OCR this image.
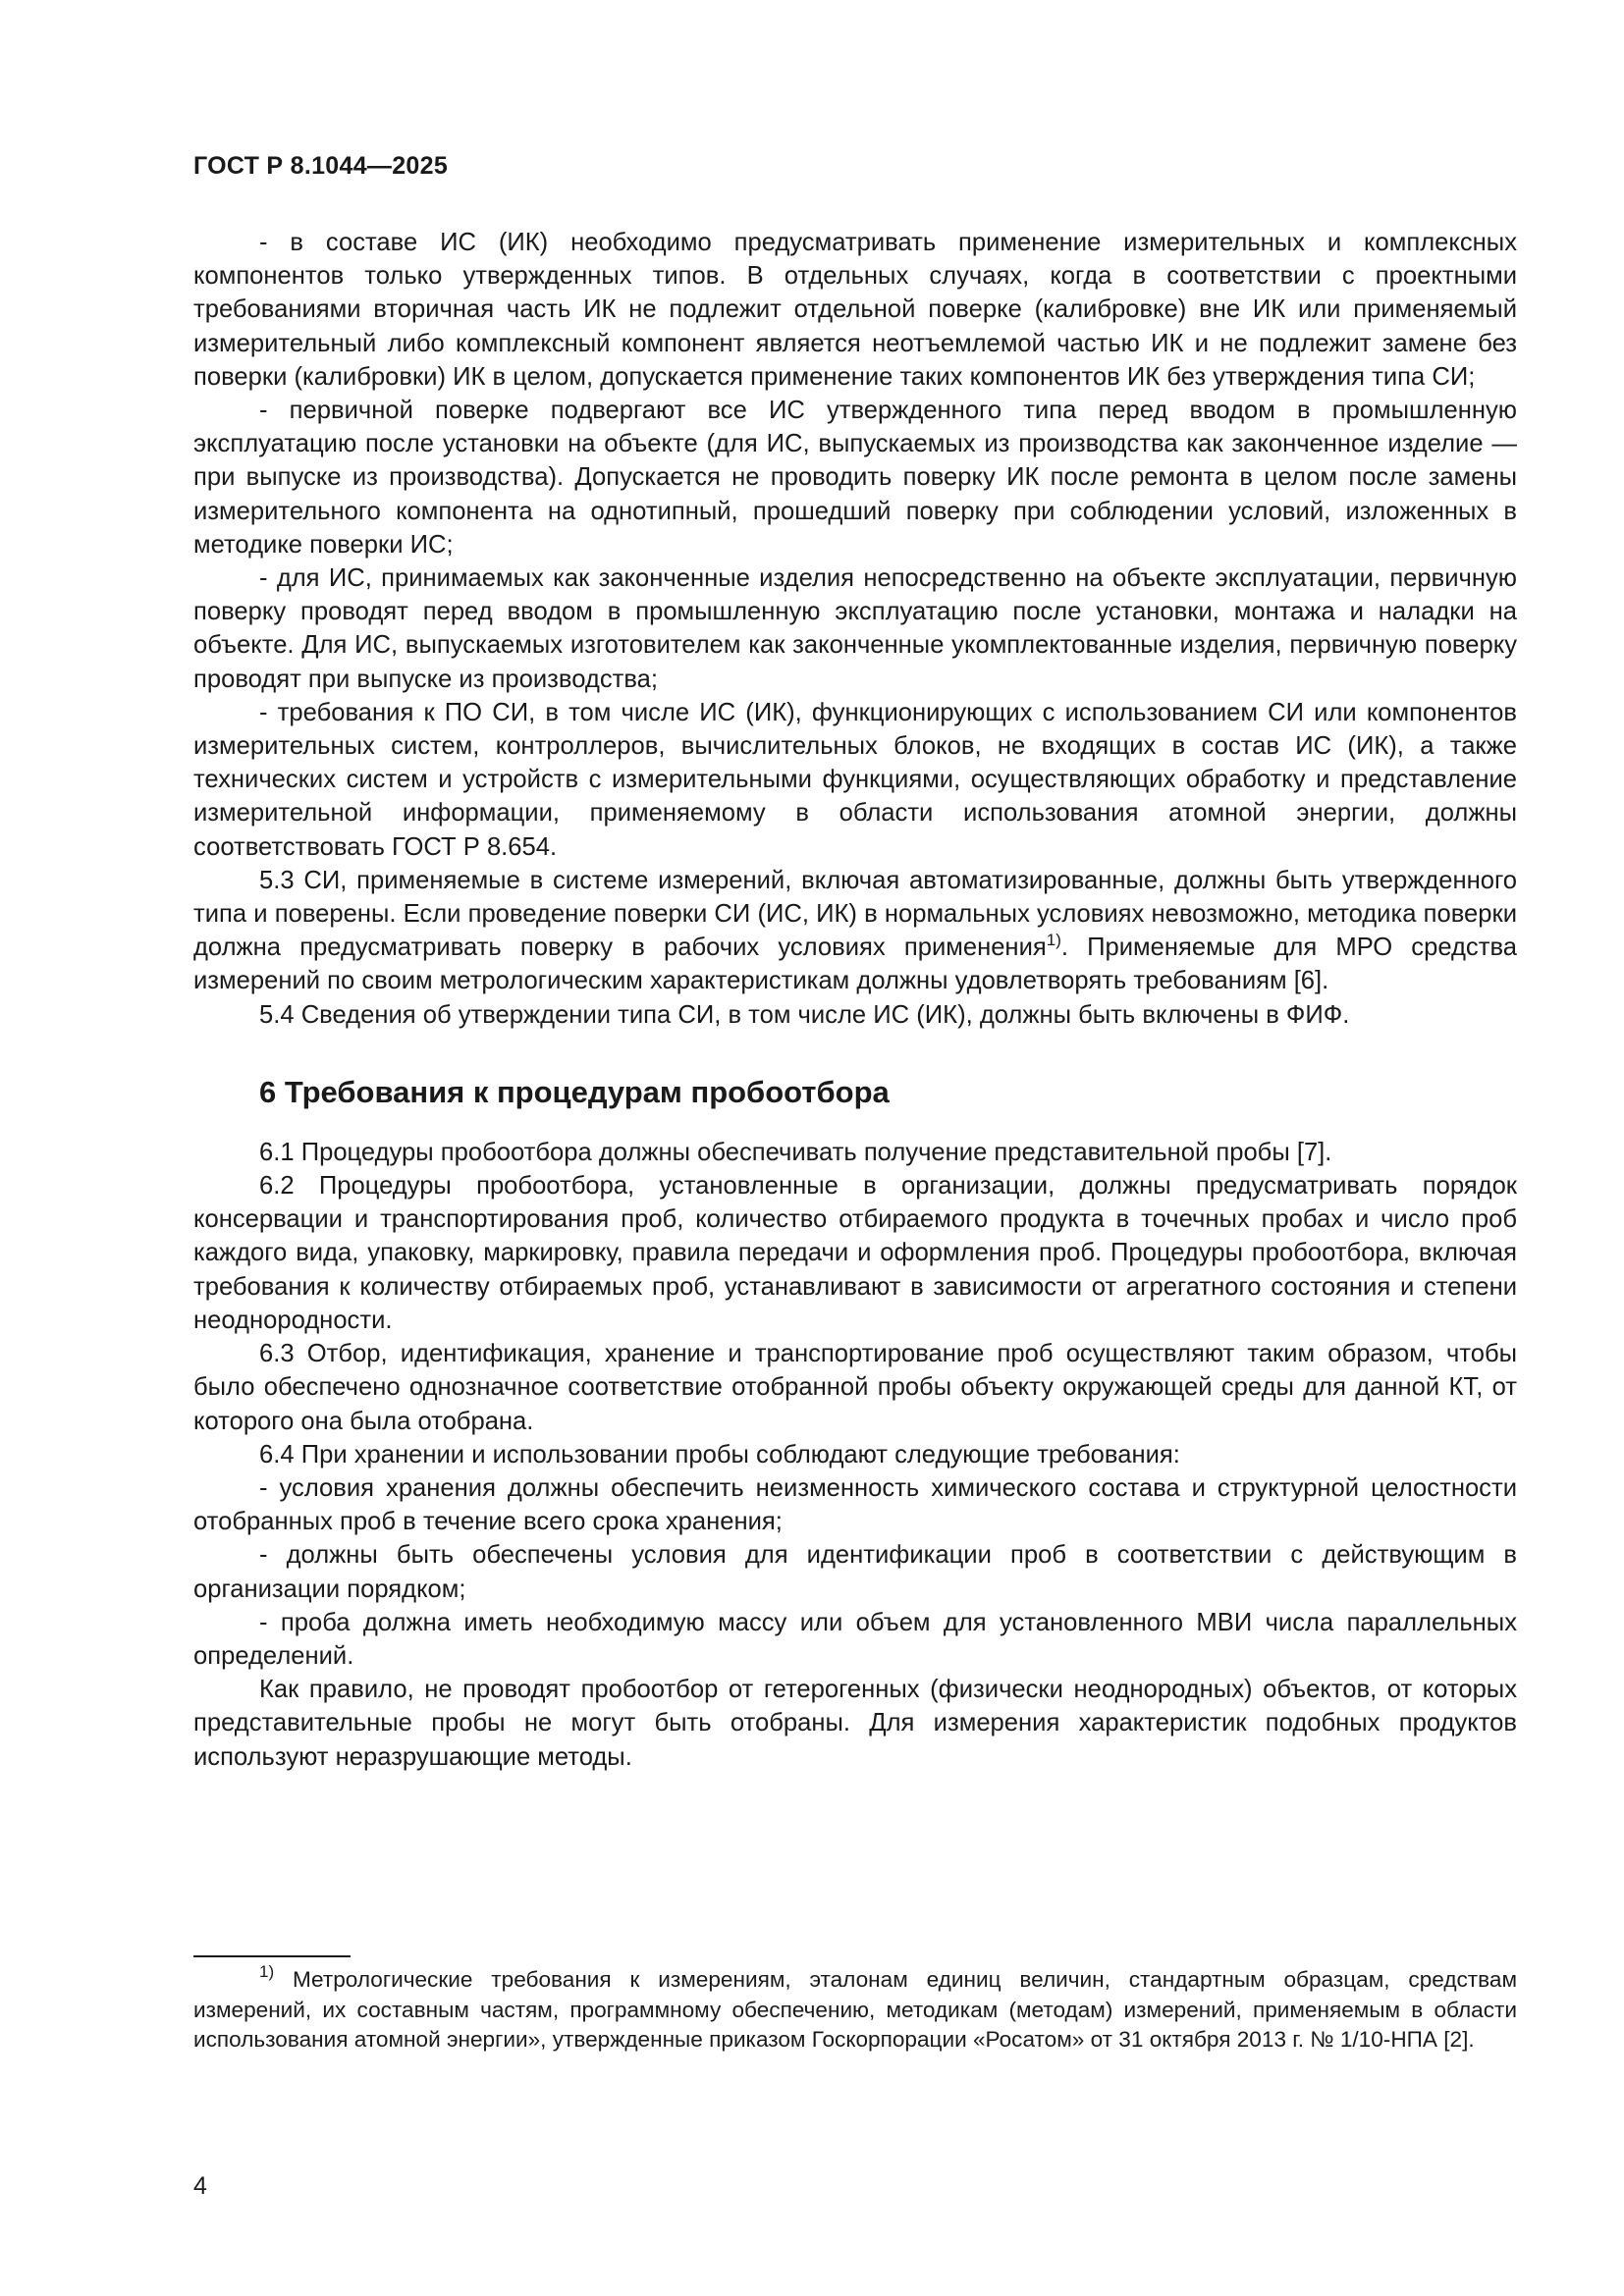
ГОСТ Р 8.1044—2025

- в составе ИС (ИК) необходимо предусматривать применение измерительных и комплексных компонентов только утвержденных типов. В отдельных случаях, когда в соответствии с проектными требованиями вторичная часть ИК не подлежит отдельной поверке (калибровке) вне ИК или применяемый измерительный либо комплексный компонент является неотъемлемой частью ИК и не подлежит замене без поверки (калибровки) ИК в целом, допускается применение таких компонентов ИК без утверждения типа СИ;

- первичной поверке подвергают все ИС утвержденного типа перед вводом в промышленную эксплуатацию после установки на объекте (для ИС, выпускаемых из производства как законченное изделие — при выпуске из производства). Допускается не проводить поверку ИК после ремонта в целом после замены измерительного компонента на однотипный, прошедший поверку при соблюдении условий, изложенных в методике поверки ИС;

- для ИС, принимаемых как законченные изделия непосредственно на объекте эксплуатации, первичную поверку проводят перед вводом в промышленную эксплуатацию после установки, монтажа и наладки на объекте. Для ИС, выпускаемых изготовителем как законченные укомплектованные изделия, первичную поверку проводят при выпуске из производства;

- требования к ПО СИ, в том числе ИС (ИК), функционирующих с использованием СИ или компонентов измерительных систем, контроллеров, вычислительных блоков, не входящих в состав ИС (ИК), а также технических систем и устройств с измерительными функциями, осуществляющих обработку и представление измерительной информации, применяемому в области использования атомной энергии, должны соответствовать ГОСТ Р 8.654.

5.3 СИ, применяемые в системе измерений, включая автоматизированные, должны быть утвержденного типа и поверены. Если проведение поверки СИ (ИС, ИК) в нормальных условиях невозможно, методика поверки должна предусматривать поверку в рабочих условиях применения$^{1)}$. Применяемые для МРО средства измерений по своим метрологическим характеристикам должны удовлетворять требованиям [6].

5.4 Сведения об утверждении типа СИ, в том числе ИС (ИК), должны быть включены в ФИФ.

6 Требования к процедурам пробоотбора

6.1 Процедуры пробоотбора должны обеспечивать получение представительной пробы [7].

6.2 Процедуры пробоотбора, установленные в организации, должны предусматривать порядок консервации и транспортирования проб, количество отбираемого продукта в точечных пробах и число проб каждого вида, упаковку, маркировку, правила передачи и оформления проб. Процедуры пробоотбора, включая требования к количеству отбираемых проб, устанавливают в зависимости от агрегатного состояния и степени неоднородности.

6.3 Отбор, идентификация, хранение и транспортирование проб осуществляют таким образом, чтобы было обеспечено однозначное соответствие отобранной пробы объекту окружающей среды для данной КТ, от которого она была отобрана.

6.4 При хранении и использовании пробы соблюдают следующие требования:

- условия хранения должны обеспечить неизменность химического состава и структурной целостности отобранных проб в течение всего срока хранения;

- должны быть обеспечены условия для идентификации проб в соответствии с действующим в организации порядком;

- проба должна иметь необходимую массу или объем для установленного МВИ числа параллельных определений.

Как правило, не проводят пробоотбор от гетерогенных (физически неоднородных) объектов, от которых представительные пробы не могут быть отобраны. Для измерения характеристик подобных продуктов используют неразрушающие методы.

$^{1)}$ Метрологические требования к измерениям, эталонам единиц величин, стандартным образцам, средствам измерений, их составным частям, программному обеспечению, методикам (методам) измерений, применяемым в области использования атомной энергии», утвержденные приказом Госкорпорации «Росатом» от 31 октября 2013 г. № 1/10-НПА [2].

4
